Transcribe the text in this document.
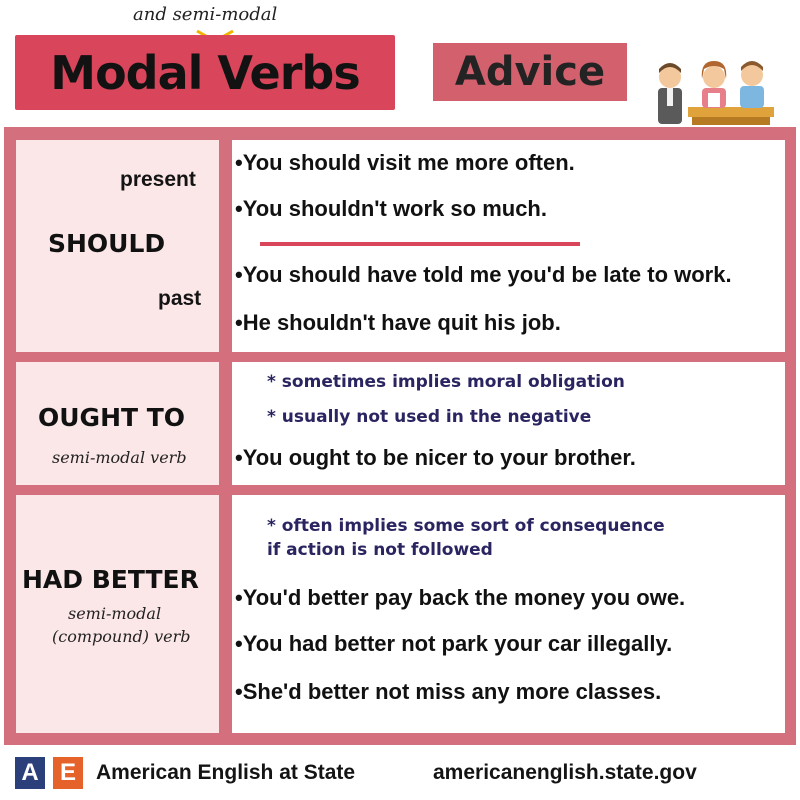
and semi-modal
Modal Verbs Advice
present
SHOULD
past
•You should visit me more often.
•You shouldn't work so much.
•You should have told me you'd be late to work.
•He shouldn't have quit his job.
OUGHT TO
semi-modal verb
* sometimes implies moral obligation
* usually not used in the negative
•You ought to be nicer to your brother.
HAD BETTER
semi-modal
(compound) verb
* often implies some sort of consequence
if action is not followed
•You'd better pay back the money you owe.
•You had better not park your car illegally.
•She'd better not miss any more classes.
A E American English at State	americanenglish.state.gov
